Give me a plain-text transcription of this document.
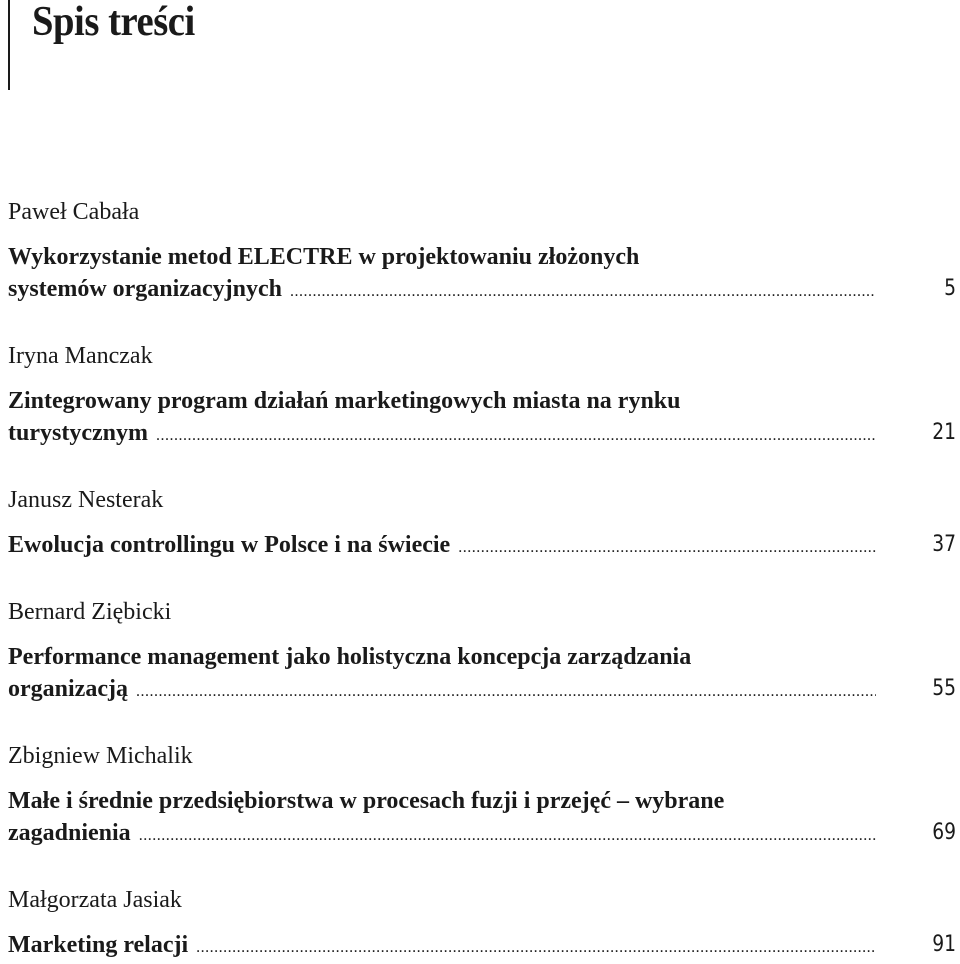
Spis treści
Paweł Cabała
Wykorzystanie metod ELECTRE w projektowaniu złożonych
systemów organizacyjnych .....	5
Iryna Manczak
Zintegrowany program działań marketingowych miasta na rynku
turystycznym .....	21
Janusz Nesterak
Ewolucja controllingu w Polsce i na świecie .....	37
Bernard Ziębicki
Performance management jako holistyczna koncepcja zarządzania
organizacją .....	55
Zbigniew Michalik
Małe i średnie przedsiębiorstwa w procesach fuzji i przejęć – wybrane
zagadnienia .....	69
Małgorzata Jasiak
Marketing relacji .....	91
